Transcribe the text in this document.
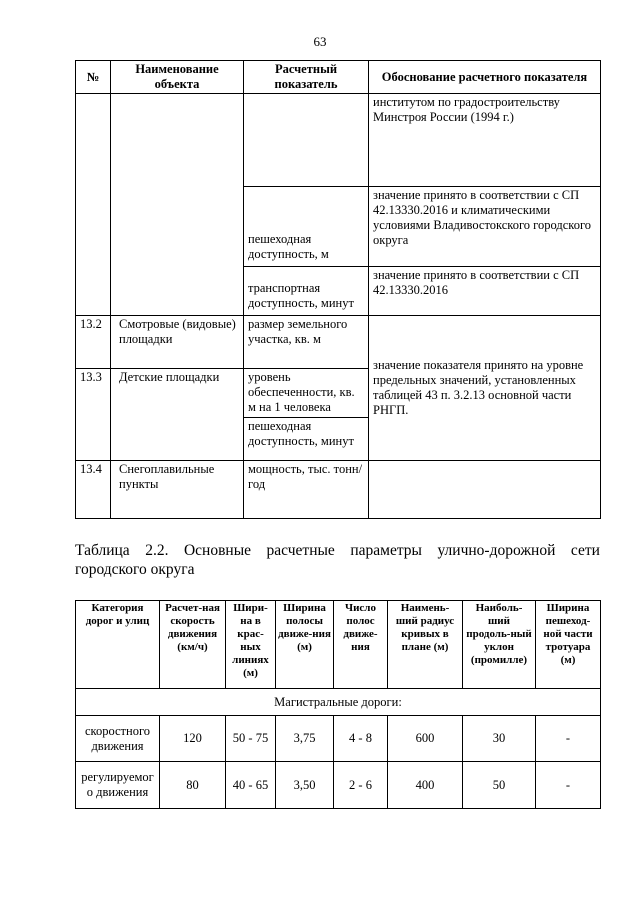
63
№	Наименование объекта	Расчетный показатель	Обоснование расчетного показателя
			институтом по градостроительству Минстроя России (1994 г.)
		пешеходная доступность, м	значение принято в соответствии с СП 42.13330.2016 и климатическими условиями Владивостокского городского округа
		транспортная доступность, минут	значение принято в соответствии с СП 42.13330.2016
13.2	Смотровые (видовые) площадки	размер земельного участка, кв. м	значение показателя принято на уровне предельных значений, установленных таблицей 43 п. 3.2.13 основной части РНГП.
13.3	Детские площадки	уровень обеспеченности, кв. м на 1 человека	
		пешеходная доступность, минут	
13.4	Снегоплавильные пункты	мощность, тыс. тонн/ год	
Таблица 2.2. Основные расчетные параметры улично-дорожной сети
городского округа
Категория дорог и улиц	Расчет-ная скорость движения (км/ч)	Шири-на в крас-ных линиях (м)	Ширина полосы движе-ния (м)	Число полос движе-ния	Наимень-ший радиус кривых в плане (м)	Наиболь-ший продоль-ный уклон (промилле)	Ширина пешеход-ной части тротуара (м)
Магистральные дороги:							
скоростного движения	120	50 - 75	3,75	4 - 8	600	30	-
регулируемог о движения	80	40 - 65	3,50	2 - 6	400	50	-
